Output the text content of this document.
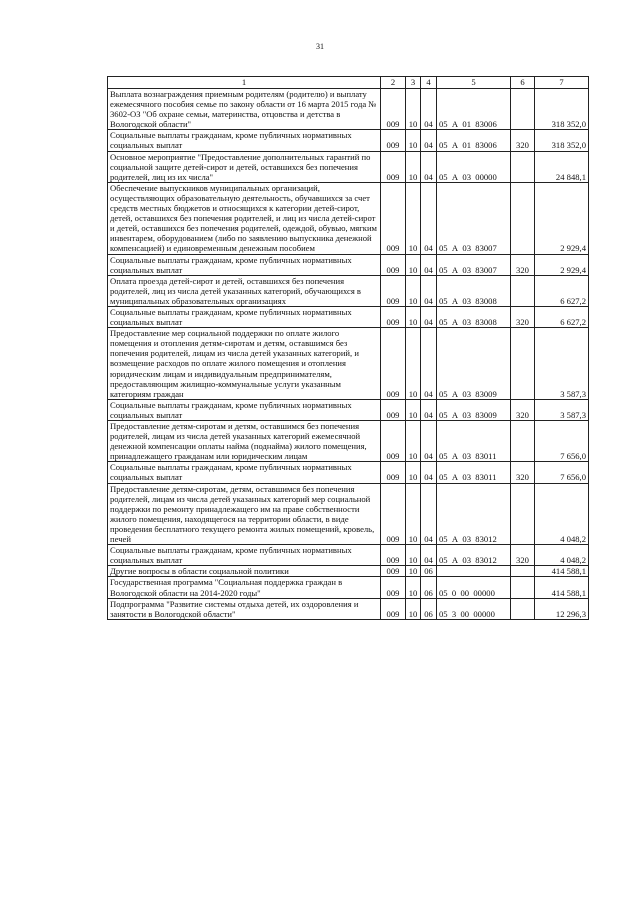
31
1	2	3	4	5	6	7
Выплата вознаграждения приемным родителям (родителю) и выплату ежемесячного пособия семье по закону области от 16 марта 2015 года № 3602-ОЗ "Об охране семьи, материнства, отцовства и детства в Вологодской области"	009	10	04	05  А  01  83006		318 352,0
Социальные выплаты гражданам, кроме публичных нормативных социальных выплат	009	10	04	05  А  01  83006	320	318 352,0
Основное мероприятие "Предоставление дополнительных гарантий по социальной защите детей-сирот и детей, оставшихся без попечения родителей, лиц из их числа"	009	10	04	05  А  03  00000		24 848,1
Обеспечение выпускников муниципальных организаций, осуществляющих образовательную деятельность, обучавшихся за счет средств местных бюджетов и относящихся к категории детей-сирот, детей, оставшихся без попечения родителей, и лиц из числа детей-сирот и детей, оставшихся без попечения родителей, одеждой, обувью, мягким инвентарем, оборудованием (либо по заявлению выпускника денежной компенсацией) и единовременным денежным пособием	009	10	04	05  А  03  83007		2 929,4
Социальные выплаты гражданам, кроме публичных нормативных социальных выплат	009	10	04	05  А  03  83007	320	2 929,4
Оплата проезда детей-сирот и детей, оставшихся без попечения родителей, лиц из числа детей указанных категорий, обучающихся в муниципальных образовательных организациях	009	10	04	05  А  03  83008		6 627,2
Социальные выплаты гражданам, кроме публичных нормативных социальных выплат	009	10	04	05  А  03  83008	320	6 627,2
Предоставление мер социальной поддержки по оплате жилого помещения и отопления детям-сиротам и детям, оставшимся без попечения родителей, лицам из числа детей указанных категорий, и возмещение расходов по оплате жилого помещения и отопления юридическим лицам и индивидуальным предпринимателям, предоставляющим жилищно-коммунальные услуги указанным категориям граждан	009	10	04	05  А  03  83009		3 587,3
Социальные выплаты гражданам, кроме публичных нормативных социальных выплат	009	10	04	05  А  03  83009	320	3 587,3
Предоставление детям-сиротам и детям, оставшимся без попечения родителей, лицам из числа детей указанных категорий ежемесячной денежной компенсации оплаты найма (поднайма) жилого помещения, принадлежащего гражданам или юридическим лицам	009	10	04	05  А  03  83011		7 656,0
Социальные выплаты гражданам, кроме публичных нормативных социальных выплат	009	10	04	05  А  03  83011	320	7 656,0
Предоставление детям-сиротам, детям, оставшимся без попечения родителей, лицам из числа детей указанных категорий мер социальной поддержки по ремонту принадлежащего им на праве собственности жилого помещения, находящегося на территории области, в виде проведения бесплатного текущего ремонта жилых помещений, кровель, печей	009	10	04	05  А  03  83012		4 048,2
Социальные выплаты гражданам, кроме публичных нормативных социальных выплат	009	10	04	05  А  03  83012	320	4 048,2
Другие вопросы в области социальной политики	009	10	06			414 588,1
Государственная программа "Социальная поддержка граждан в Вологодской области на 2014-2020 годы"	009	10	06	05  0  00  00000		414 588,1
Подпрограмма "Развитие системы отдыха детей, их оздоровления и занятости в Вологодской области"	009	10	06	05  3  00  00000		12 296,3
